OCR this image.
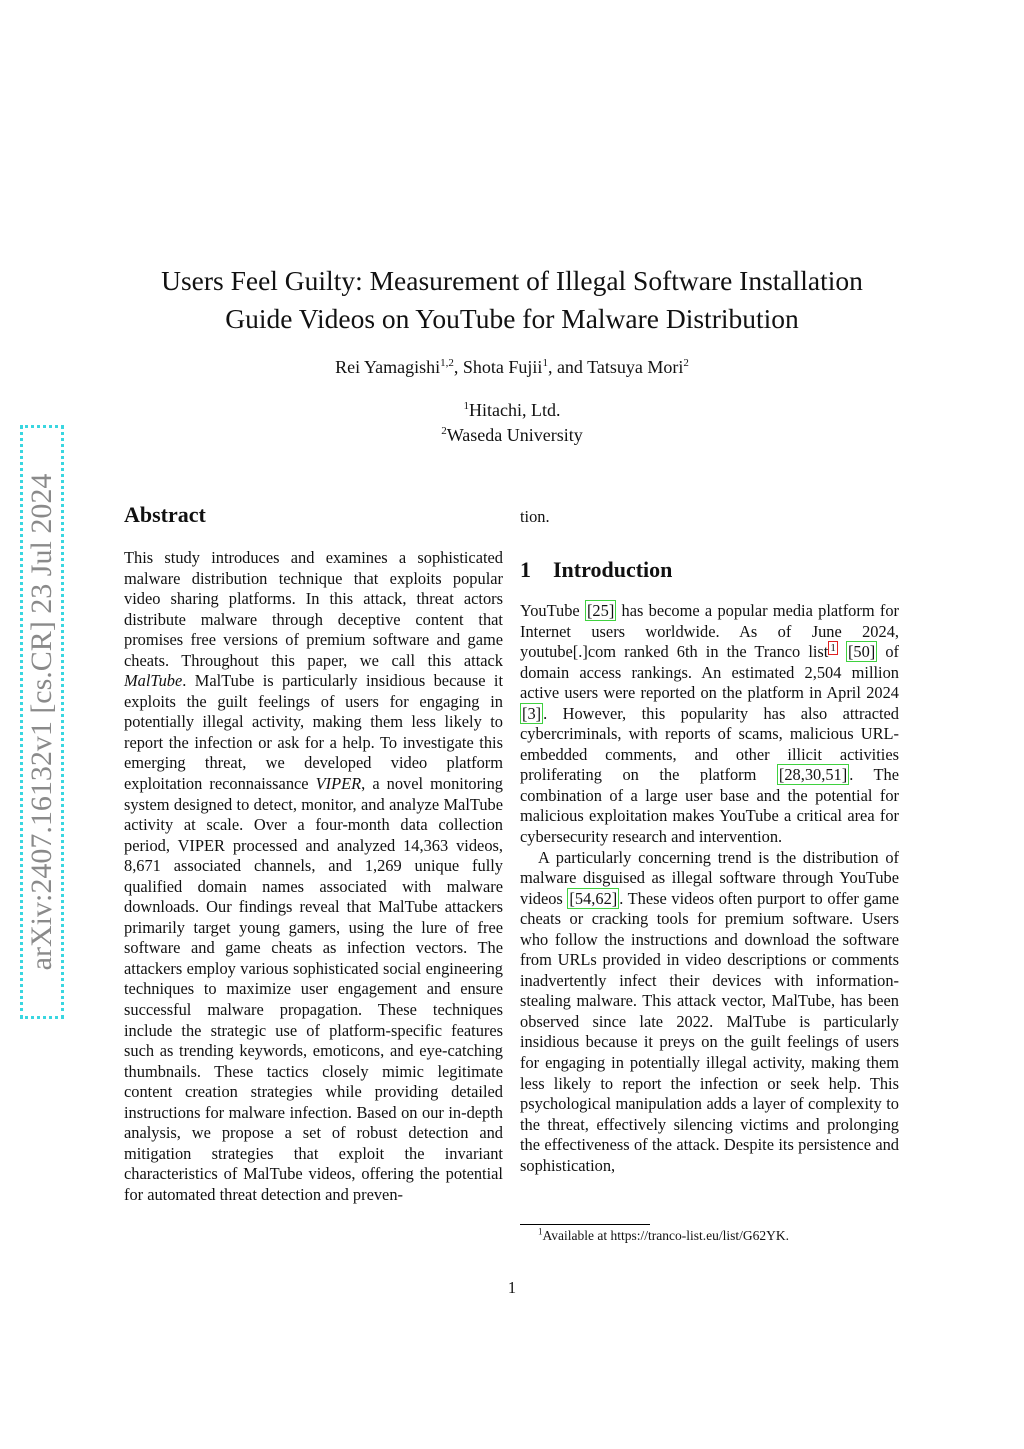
arXiv:2407.16132v1 [cs.CR] 23 Jul 2024
Users Feel Guilty: Measurement of Illegal Software Installation
Guide Videos on YouTube for Malware Distribution
Rei Yamagishi$^{1,2}$, Shota Fujii$^1$, and Tatsuya Mori$^2$
$^1$Hitachi, Ltd.
$^2$Waseda University
Abstract

This study introduces and examines a sophisticated malware distribution technique that exploits popular video sharing platforms. In this attack, threat actors distribute malware through deceptive content that promises free versions of premium software and game cheats. Throughout this paper, we call this attack MalTube. MalTube is particularly insidious because it exploits the guilt feelings of users for engaging in potentially illegal activity, making them less likely to report the infection or ask for a help. To investigate this emerging threat, we developed video platform exploitation reconnaissance VIPER, a novel monitoring system designed to detect, monitor, and analyze MalTube activity at scale. Over a four-month data collection period, VIPER processed and analyzed 14,363 videos, 8,671 associated channels, and 1,269 unique fully qualified domain names associated with malware downloads. Our findings reveal that MalTube attackers primarily target young gamers, using the lure of free software and game cheats as infection vectors. The attackers employ various sophisticated social engineering techniques to maximize user engagement and ensure successful malware propagation. These techniques include the strategic use of platform-specific features such as trending keywords, emoticons, and eye-catching thumbnails. These tactics closely mimic legitimate content creation strategies while providing detailed instructions for malware infection. Based on our in-depth analysis, we propose a set of robust detection and mitigation strategies that exploit the invariant characteristics of MalTube videos, offering the potential for automated threat detection and preven-

tion.
1 Introduction

YouTube [25] has become a popular media platform for Internet users worldwide. As of June 2024, youtube[.]com ranked 6th in the Tranco list $^1$ [50] of domain access rankings. An estimated 2,504 million active users were reported on the platform in April 2024 [3] . However, this popularity has also attracted cybercriminals, with reports of scams, malicious URL-embedded comments, and other illicit activities proliferating on the platform [28,30,51] . The combination of a large user base and the potential for malicious exploitation makes YouTube a critical area for cybersecurity research and intervention.

A particularly concerning trend is the distribution of malware disguised as illegal software through YouTube videos [54,62] . These videos often purport to offer game cheats or cracking tools for premium software. Users who follow the instructions and download the software from URLs provided in video descriptions or comments inadvertently infect their devices with information-stealing malware. This attack vector, MalTube, has been observed since late 2022. MalTube is particularly insidious because it preys on the guilt feelings of users for engaging in potentially illegal activity, making them less likely to report the infection or seek help. This psychological manipulation adds a layer of complexity to the threat, effectively silencing victims and prolonging the effectiveness of the attack. Despite its persistence and sophistication,

$^1$Available at https://tranco-list.eu/list/G62YK.
1
